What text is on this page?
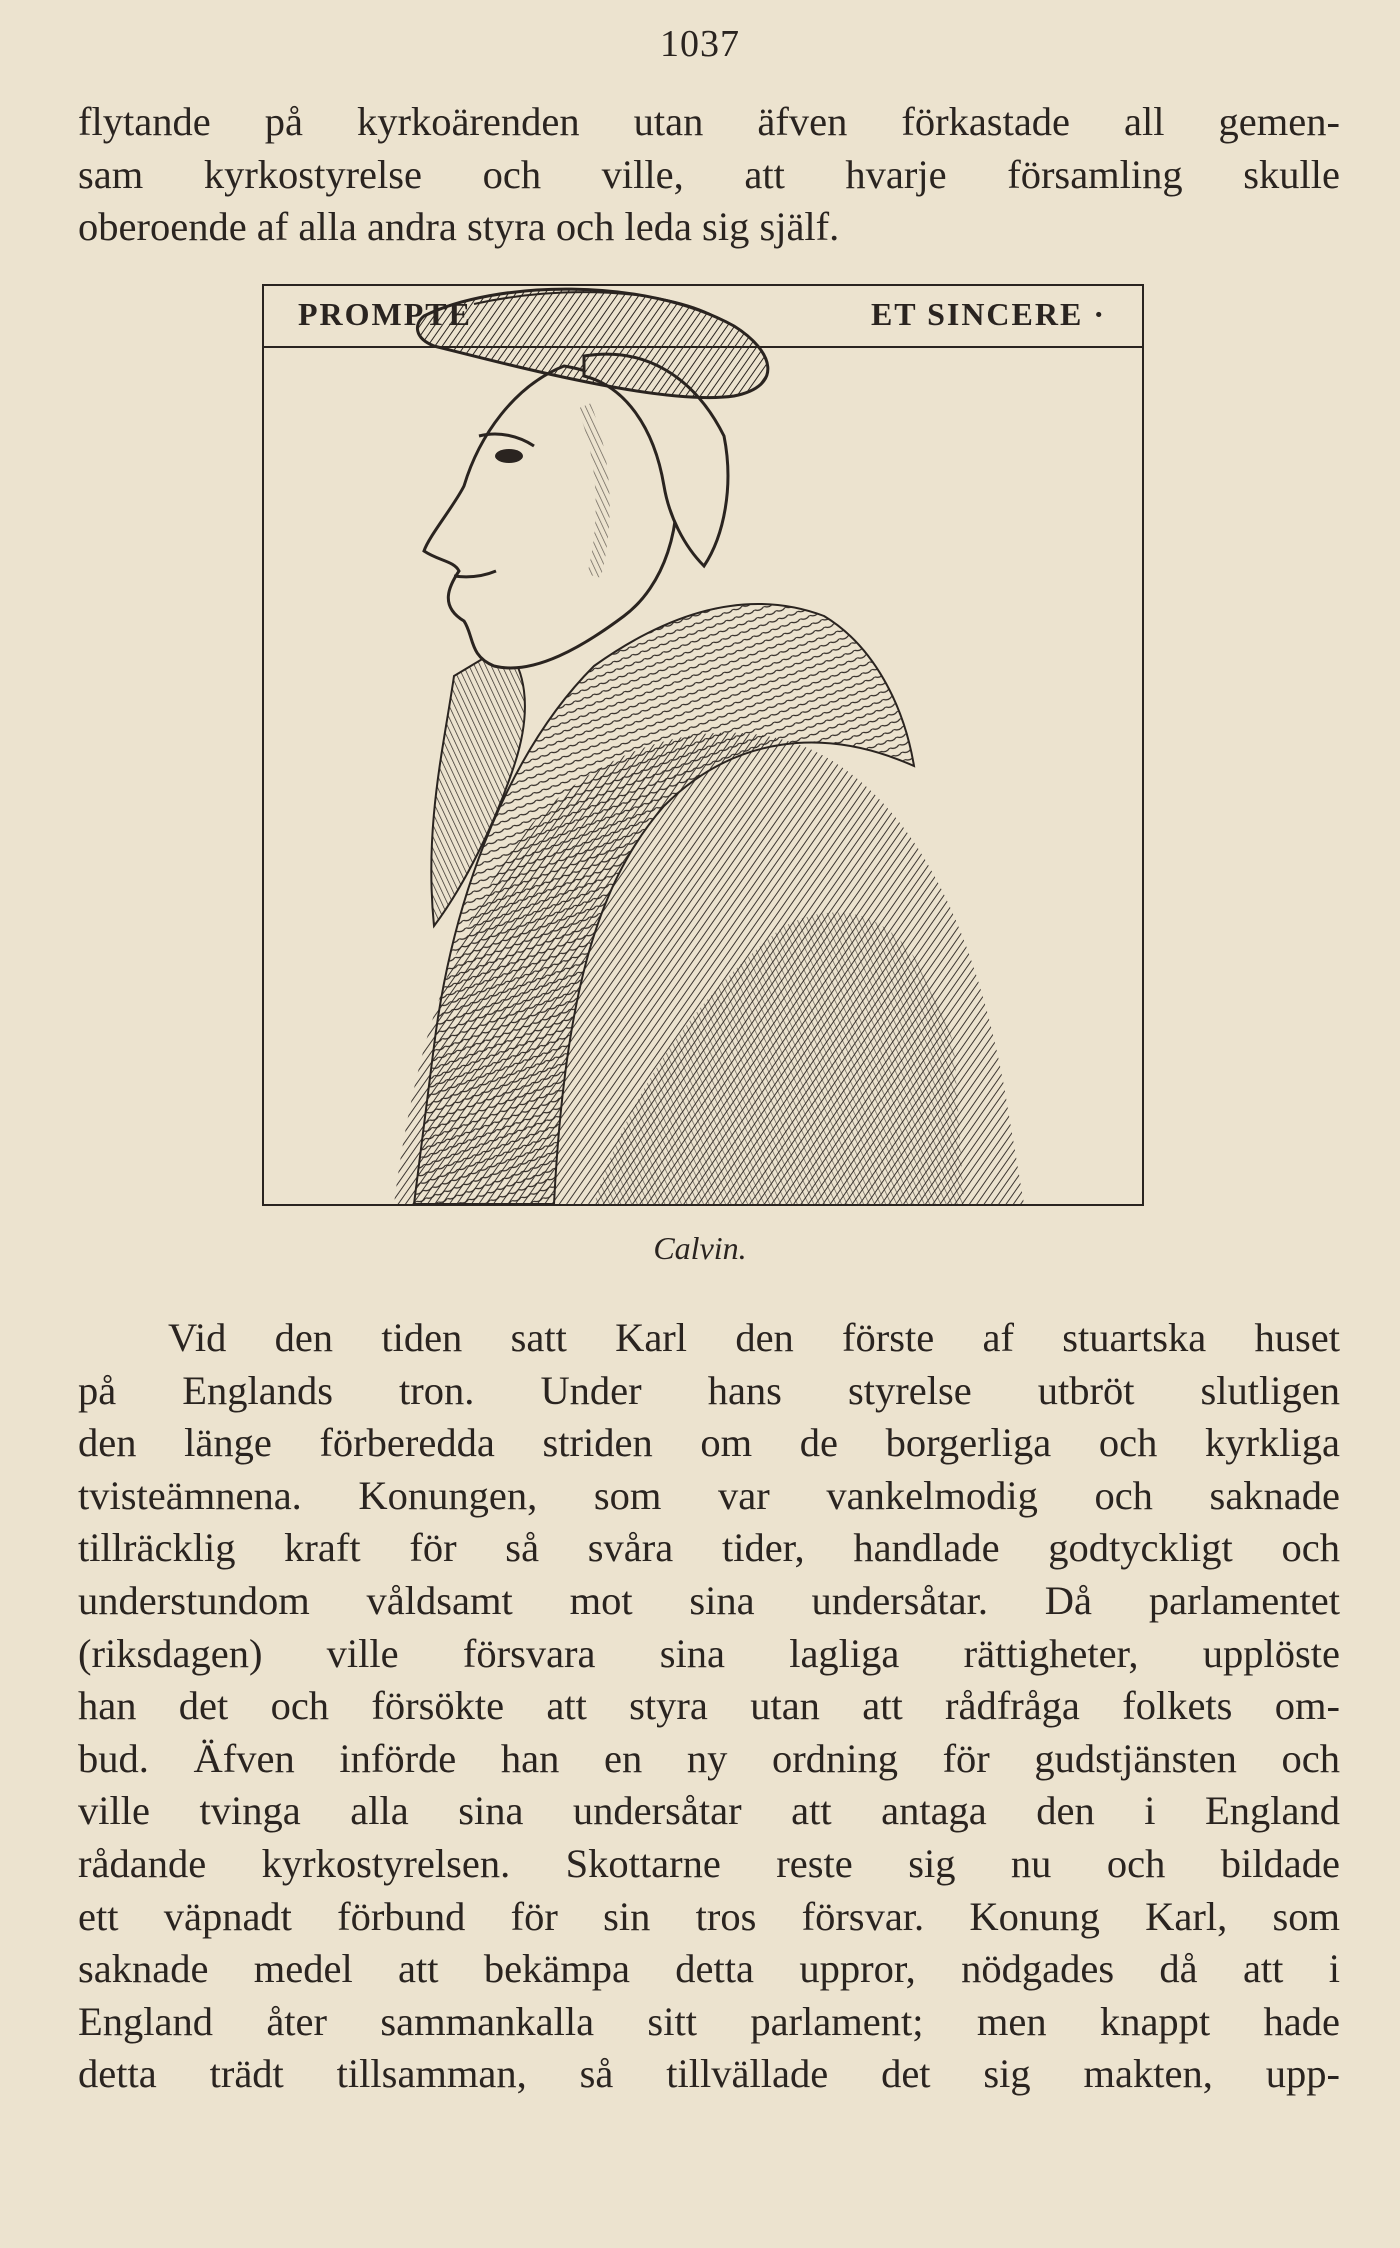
1037
flytande på kyrkoärenden utan äfven förkastade all gemen-
sam kyrkostyrelse och ville, att hvarje församling skulle
oberoende af alla andra styra och leda sig själf.
PROMPTE	ET SINCERE ·
Calvin.
Vid den tiden satt Karl den förste af stuartska huset
på Englands tron. Under hans styrelse utbröt slutligen
den länge förberedda striden om de borgerliga och kyrkliga
tvisteämnena. Konungen, som var vankelmodig och saknade
tillräcklig kraft för så svåra tider, handlade godtyckligt och
understundom våldsamt mot sina undersåtar. Då parlamentet
(riksdagen) ville försvara sina lagliga rättigheter, upplöste
han det och försökte att styra utan att rådfråga folkets om-
bud. Äfven införde han en ny ordning för gudstjänsten och
ville tvinga alla sina undersåtar att antaga den i England
rådande kyrkostyrelsen. Skottarne reste sig nu och bildade
ett väpnadt förbund för sin tros försvar. Konung Karl, som
saknade medel att bekämpa detta uppror, nödgades då att i
England åter sammankalla sitt parlament; men knappt hade
detta trädt tillsamman, så tillvällade det sig makten, upp-
